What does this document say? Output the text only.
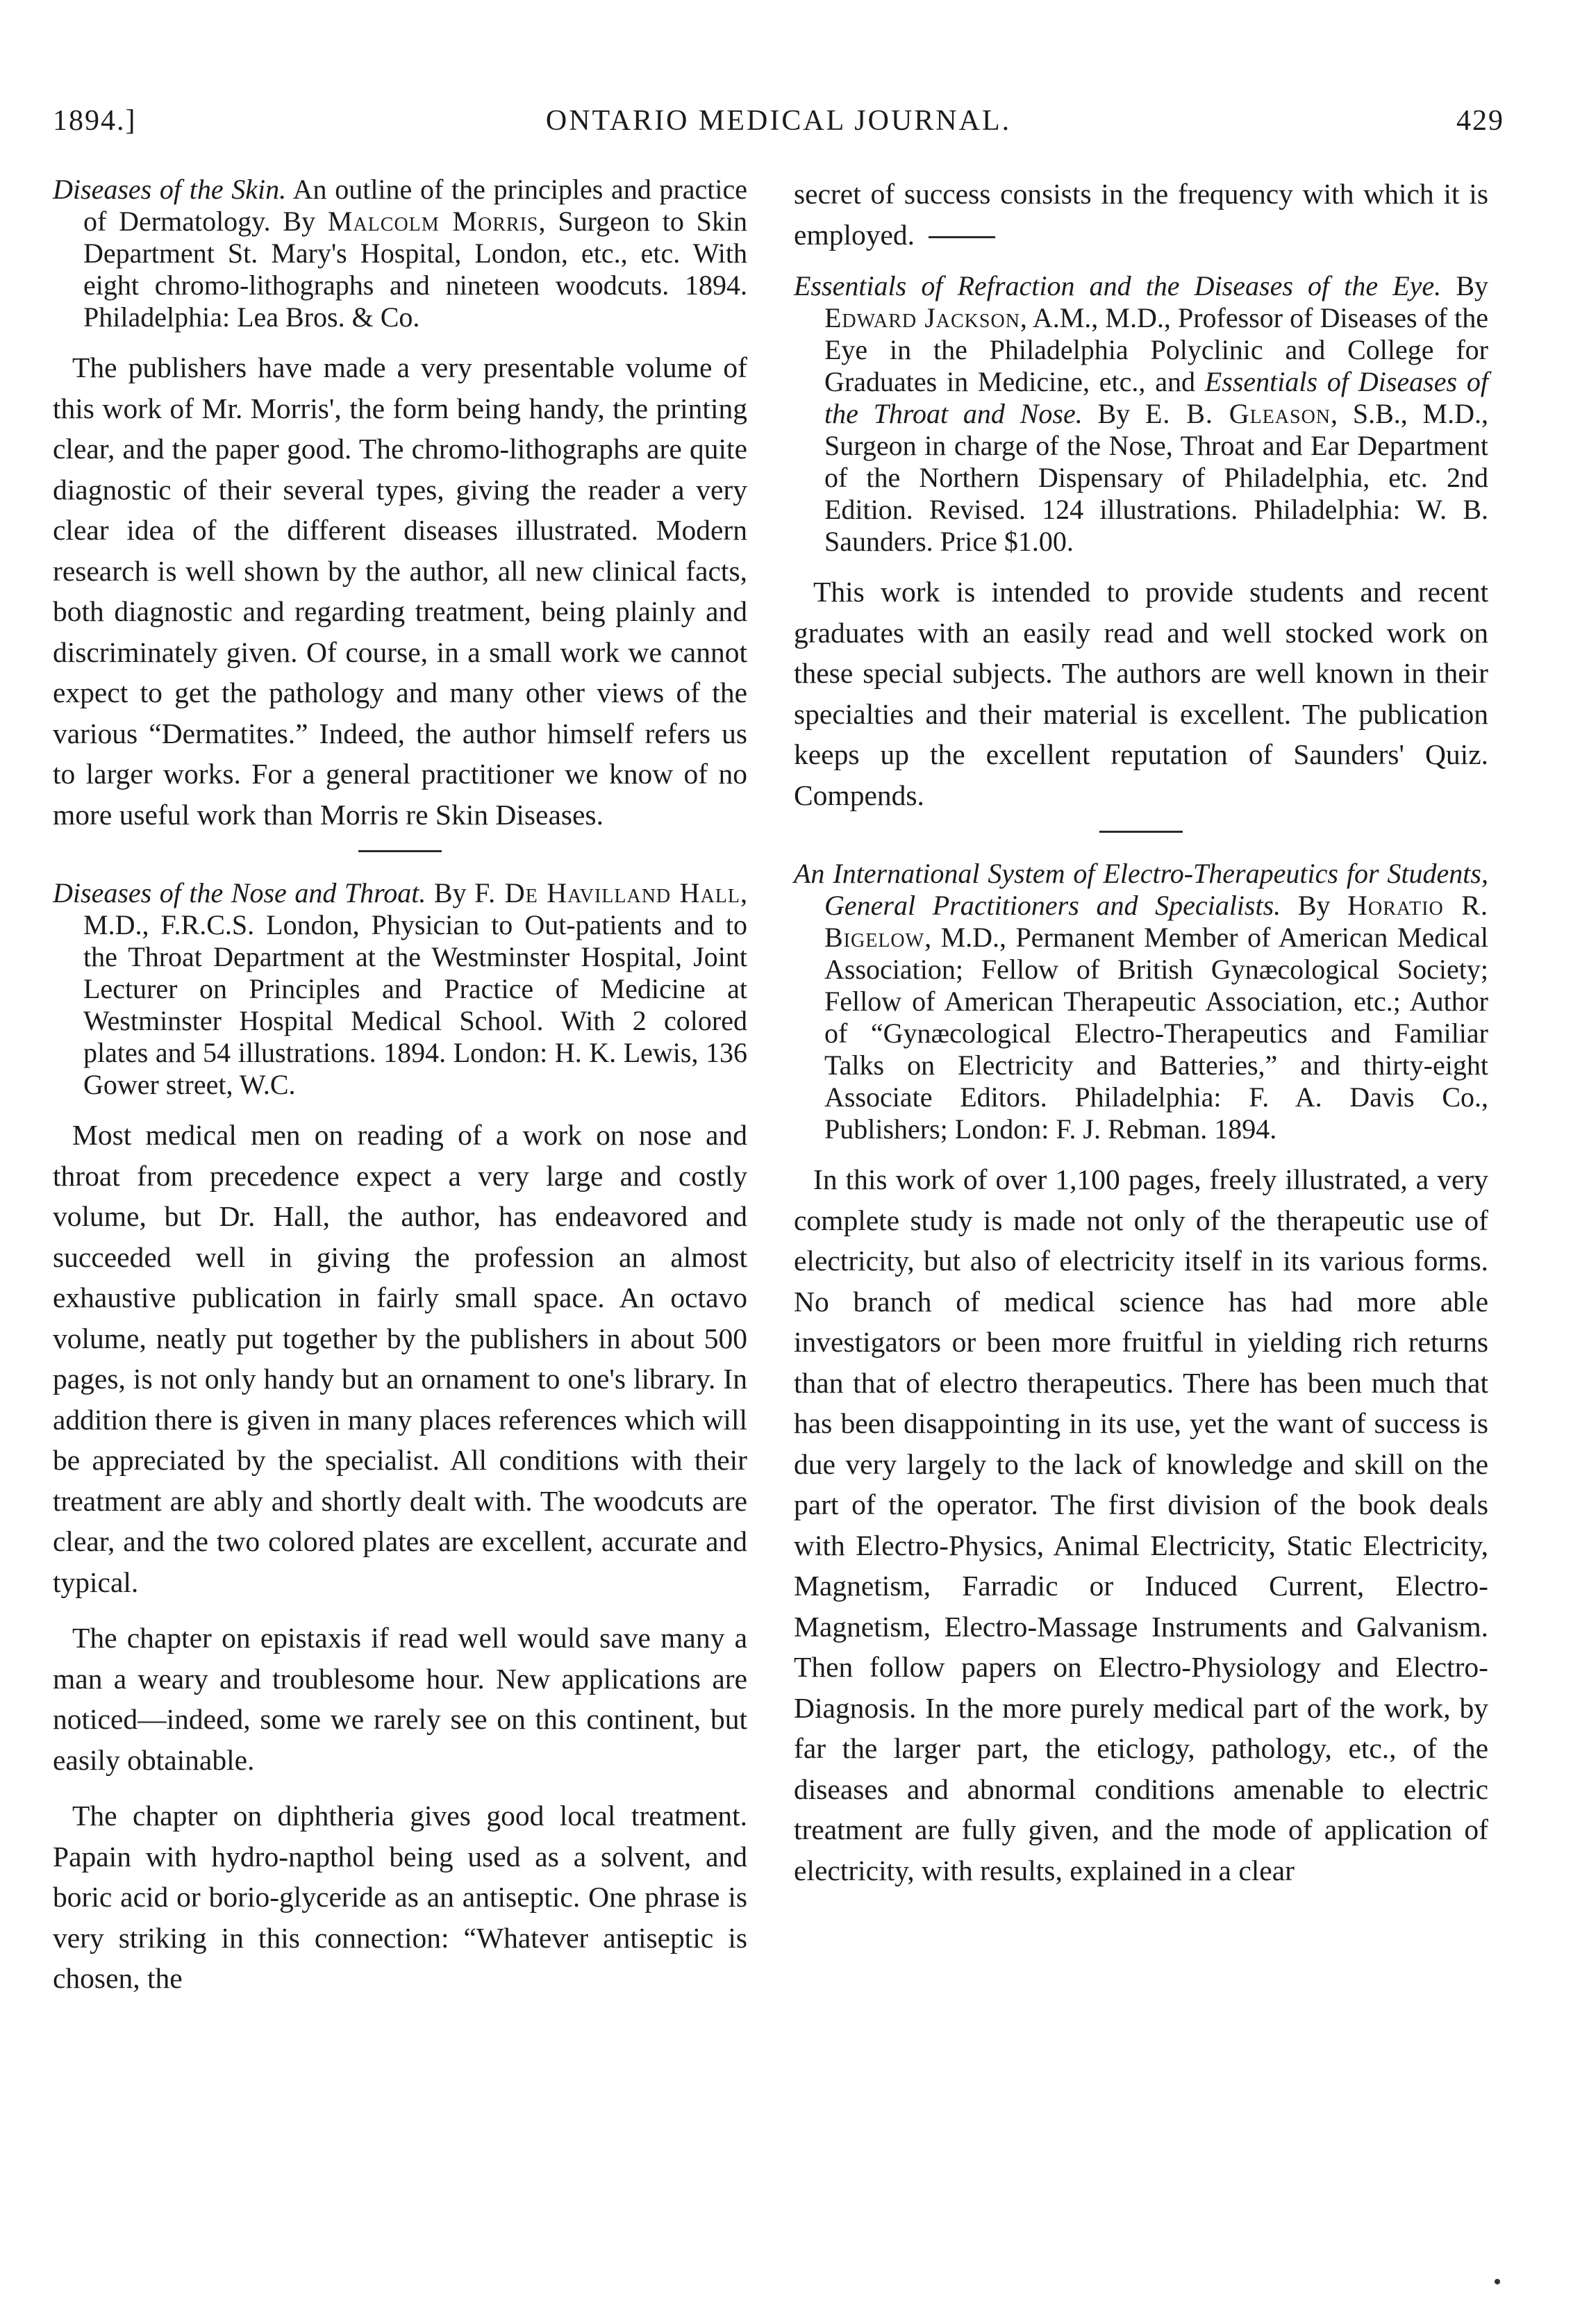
1894.]	ONTARIO MEDICAL JOURNAL.	429

Diseases of the Skin. An outline of the principles and practice of Dermatology. By Malcolm Morris, Surgeon to Skin Department St. Mary's Hospital, London, etc., etc. With eight chromo-lithographs and nineteen woodcuts. 1894. Philadelphia: Lea Bros. & Co.

The publishers have made a very presentable volume of this work of Mr. Morris', the form being handy, the printing clear, and the paper good. The chromo-lithographs are quite diagnostic of their several types, giving the reader a very clear idea of the different diseases illustrated. Modern research is well shown by the author, all new clinical facts, both diagnostic and regarding treatment, being plainly and discriminately given. Of course, in a small work we cannot expect to get the pathology and many other views of the various “Dermatites.” Indeed, the author himself refers us to larger works. For a general practitioner we know of no more useful work than Morris re Skin Diseases.

Diseases of the Nose and Throat. By F. De Havilland Hall, M.D., F.R.C.S. London, Physician to Out-patients and to the Throat Department at the Westminster Hospital, Joint Lecturer on Principles and Practice of Medicine at Westminster Hospital Medical School. With 2 colored plates and 54 illustrations. 1894. London: H. K. Lewis, 136 Gower street, W.C.

Most medical men on reading of a work on nose and throat from precedence expect a very large and costly volume, but Dr. Hall, the author, has endeavored and succeeded well in giving the profession an almost exhaustive publication in fairly small space. An octavo volume, neatly put together by the publishers in about 500 pages, is not only handy but an ornament to one's library. In addition there is given in many places references which will be appreciated by the specialist. All conditions with their treatment are ably and shortly dealt with. The woodcuts are clear, and the two colored plates are excellent, accurate and typical.

The chapter on epistaxis if read well would save many a man a weary and troublesome hour. New applications are noticed—indeed, some we rarely see on this continent, but easily obtainable.

The chapter on diphtheria gives good local treatment. Papain with hydro-napthol being used as a solvent, and boric acid or borio-glyceride as an antiseptic. One phrase is very striking in this connection: “Whatever antiseptic is chosen, the

secret of success consists in the frequency with which it is employed.

Essentials of Refraction and the Diseases of the Eye. By Edward Jackson, A.M., M.D., Professor of Diseases of the Eye in the Philadelphia Polyclinic and College for Graduates in Medicine, etc., and Essentials of Diseases of the Throat and Nose. By E. B. Gleason, S.B., M.D., Surgeon in charge of the Nose, Throat and Ear Department of the Northern Dispensary of Philadelphia, etc. 2nd Edition. Revised. 124 illustrations. Philadelphia: W. B. Saunders. Price $1.00.

This work is intended to provide students and recent graduates with an easily read and well stocked work on these special subjects. The authors are well known in their specialties and their material is excellent. The publication keeps up the excellent reputation of Saunders' Quiz. Compends.

An International System of Electro-Therapeutics for Students, General Practitioners and Specialists. By Horatio R. Bigelow, M.D., Permanent Member of American Medical Association; Fellow of British Gynæcological Society; Fellow of American Therapeutic Association, etc.; Author of “Gynæcological Electro-Therapeutics and Familiar Talks on Electricity and Batteries,” and thirty-eight Associate Editors. Philadelphia: F. A. Davis Co., Publishers; London: F. J. Rebman. 1894.

In this work of over 1,100 pages, freely illustrated, a very complete study is made not only of the therapeutic use of electricity, but also of electricity itself in its various forms. No branch of medical science has had more able investigators or been more fruitful in yielding rich returns than that of electro therapeutics. There has been much that has been disappointing in its use, yet the want of success is due very largely to the lack of knowledge and skill on the part of the operator. The first division of the book deals with Electro-Physics, Animal Electricity, Static Electricity, Magnetism, Farradic or Induced Current, Electro-Magnetism, Electro-Massage Instruments and Galvanism. Then follow papers on Electro-Physiology and Electro-Diagnosis. In the more purely medical part of the work, by far the larger part, the eticlogy, pathology, etc., of the diseases and abnormal conditions amenable to electric treatment are fully given, and the mode of application of electricity, with results, explained in a clear
